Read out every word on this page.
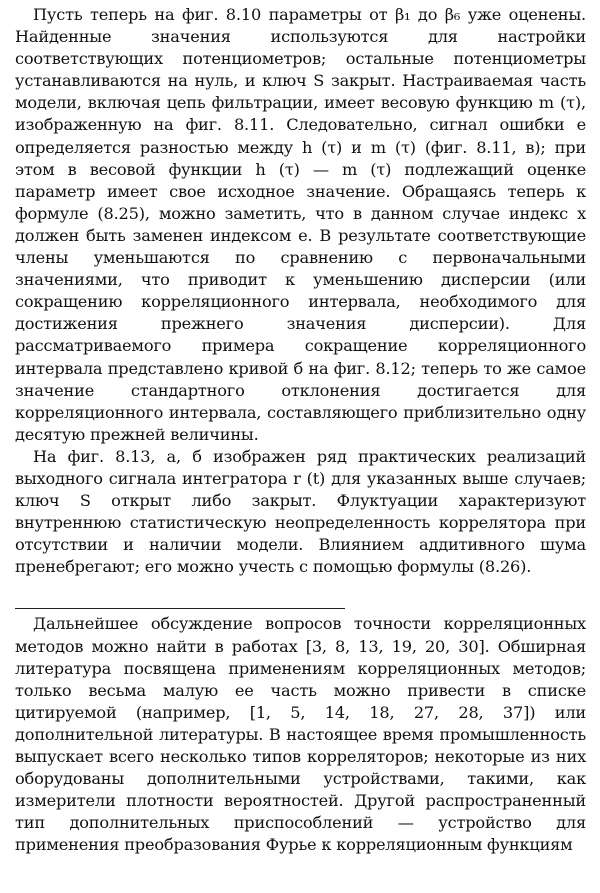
Пусть теперь на фиг. 8.10 параметры от β₁ до β₆ уже оценены. Найденные значения используются для настройки соответствующих потенциометров; остальные потенциометры устанавливаются на нуль, и ключ S закрыт. Настраиваемая часть модели, включая цепь фильтрации, имеет весовую функцию m (τ), изображенную на фиг. 8.11. Следовательно, сигнал ошибки e определяется разностью между h (τ) и m (τ) (фиг. 8.11, в); при этом в весовой функции h (τ) — m (τ) подлежащий оценке параметр имеет свое исходное значение. Обращаясь теперь к формуле (8.25), можно заметить, что в данном случае индекс x должен быть заменен индексом e. В результате соответствующие члены уменьшаются по сравнению с первоначальными значениями, что приводит к уменьшению дисперсии (или сокращению корреляционного интервала, необходимого для достижения прежнего значения дисперсии). Для рассматриваемого примера сокращение корреляционного интервала представлено кривой б на фиг. 8.12; теперь то же самое значение стандартного отклонения достигается для корреляционного интервала, составляющего приблизительно одну десятую прежней величины.

На фиг. 8.13, а, б изображен ряд практических реализаций выходного сигнала интегратора r (t) для указанных выше случаев; ключ S открыт либо закрыт. Флуктуации характеризуют внутреннюю статистическую неопределенность коррелятора при отсутствии и наличии модели. Влиянием аддитивного шума пренебрегают; его можно учесть с помощью формулы (8.26).

Дальнейшее обсуждение вопросов точности корреляционных методов можно найти в работах [3, 8, 13, 19, 20, 30]. Обширная литература посвящена применениям корреляционных методов; только весьма малую ее часть можно привести в списке цитируемой (например, [1, 5, 14, 18, 27, 28, 37]) или дополнительной литературы. В настоящее время промышленность выпускает всего несколько типов корреляторов; некоторые из них оборудованы дополнительными устройствами, такими, как измерители плотности вероятностей. Другой распространенный тип дополнительных приспособлений — устройство для применения преобразования Фурье к корреляционным функциям
